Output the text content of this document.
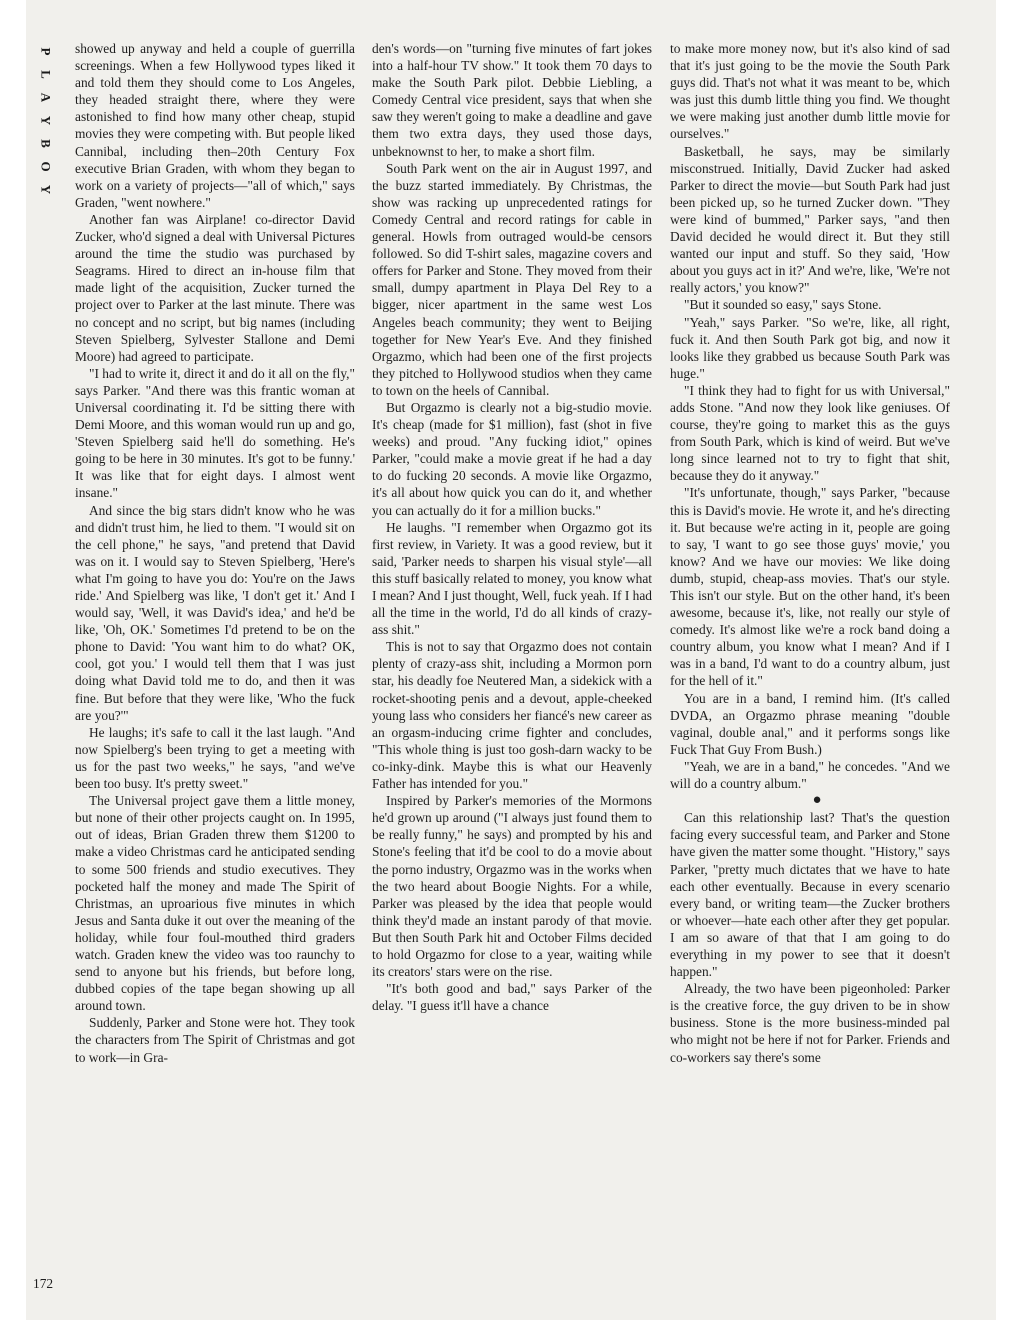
P
L
A
Y
B
O
Y

showed up anyway and held a couple of guerrilla screenings. When a few Hollywood types liked it and told them they should come to Los Angeles, they headed straight there, where they were astonished to find how many other cheap, stupid movies they were competing with. But people liked Cannibal, including then–20th Century Fox executive Brian Graden, with whom they began to work on a variety of projects—"all of which," says Graden, "went nowhere."

Another fan was Airplane! co-director David Zucker, who'd signed a deal with Universal Pictures around the time the studio was purchased by Seagrams. Hired to direct an in-house film that made light of the acquisition, Zucker turned the project over to Parker at the last minute. There was no concept and no script, but big names (including Steven Spielberg, Sylvester Stallone and Demi Moore) had agreed to participate.

"I had to write it, direct it and do it all on the fly," says Parker. "And there was this frantic woman at Universal coordinating it. I'd be sitting there with Demi Moore, and this woman would run up and go, 'Steven Spielberg said he'll do something. He's going to be here in 30 minutes. It's got to be funny.' It was like that for eight days. I almost went insane."

And since the big stars didn't know who he was and didn't trust him, he lied to them. "I would sit on the cell phone," he says, "and pretend that David was on it. I would say to Steven Spielberg, 'Here's what I'm going to have you do: You're on the Jaws ride.' And Spielberg was like, 'I don't get it.' And I would say, 'Well, it was David's idea,' and he'd be like, 'Oh, OK.' Sometimes I'd pretend to be on the phone to David: 'You want him to do what? OK, cool, got you.' I would tell them that I was just doing what David told me to do, and then it was fine. But before that they were like, 'Who the fuck are you?'"

He laughs; it's safe to call it the last laugh. "And now Spielberg's been trying to get a meeting with us for the past two weeks," he says, "and we've been too busy. It's pretty sweet."

The Universal project gave them a little money, but none of their other projects caught on. In 1995, out of ideas, Brian Graden threw them $1200 to make a video Christmas card he anticipated sending to some 500 friends and studio executives. They pocketed half the money and made The Spirit of Christmas, an uproarious five minutes in which Jesus and Santa duke it out over the meaning of the holiday, while four foul-mouthed third graders watch. Graden knew the video was too raunchy to send to anyone but his friends, but before long, dubbed copies of the tape began showing up all around town.

Suddenly, Parker and Stone were hot. They took the characters from The Spirit of Christmas and got to work—in Gra-

den's words—on "turning five minutes of fart jokes into a half-hour TV show." It took them 70 days to make the South Park pilot. Debbie Liebling, a Comedy Central vice president, says that when she saw they weren't going to make a deadline and gave them two extra days, they used those days, unbeknownst to her, to make a short film.

South Park went on the air in August 1997, and the buzz started immediately. By Christmas, the show was racking up unprecedented ratings for Comedy Central and record ratings for cable in general. Howls from outraged would-be censors followed. So did T-shirt sales, magazine covers and offers for Parker and Stone. They moved from their small, dumpy apartment in Playa Del Rey to a bigger, nicer apartment in the same west Los Angeles beach community; they went to Beijing together for New Year's Eve. And they finished Orgazmo, which had been one of the first projects they pitched to Hollywood studios when they came to town on the heels of Cannibal.

But Orgazmo is clearly not a big-studio movie. It's cheap (made for $1 million), fast (shot in five weeks) and proud. "Any fucking idiot," opines Parker, "could make a movie great if he had a day to do fucking 20 seconds. A movie like Orgazmo, it's all about how quick you can do it, and whether you can actually do it for a million bucks."

He laughs. "I remember when Orgazmo got its first review, in Variety. It was a good review, but it said, 'Parker needs to sharpen his visual style'—all this stuff basically related to money, you know what I mean? And I just thought, Well, fuck yeah. If I had all the time in the world, I'd do all kinds of crazy-ass shit."

This is not to say that Orgazmo does not contain plenty of crazy-ass shit, including a Mormon porn star, his deadly foe Neutered Man, a sidekick with a rocket-shooting penis and a devout, apple-cheeked young lass who considers her fiancé's new career as an orgasm-inducing crime fighter and concludes, "This whole thing is just too gosh-darn wacky to be co-inky-dink. Maybe this is what our Heavenly Father has intended for you."

Inspired by Parker's memories of the Mormons he'd grown up around ("I always just found them to be really funny," he says) and prompted by his and Stone's feeling that it'd be cool to do a movie about the porno industry, Orgazmo was in the works when the two heard about Boogie Nights. For a while, Parker was pleased by the idea that people would think they'd made an instant parody of that movie. But then South Park hit and October Films decided to hold Orgazmo for close to a year, waiting while its creators' stars were on the rise.

"It's both good and bad," says Parker of the delay. "I guess it'll have a chance

to make more money now, but it's also kind of sad that it's just going to be the movie the South Park guys did. That's not what it was meant to be, which was just this dumb little thing you find. We thought we were making just another dumb little movie for ourselves."

Basketball, he says, may be similarly misconstrued. Initially, David Zucker had asked Parker to direct the movie—but South Park had just been picked up, so he turned Zucker down. "They were kind of bummed," Parker says, "and then David decided he would direct it. But they still wanted our input and stuff. So they said, 'How about you guys act in it?' And we're, like, 'We're not really actors,' you know?"

"But it sounded so easy," says Stone.

"Yeah," says Parker. "So we're, like, all right, fuck it. And then South Park got big, and now it looks like they grabbed us because South Park was huge."

"I think they had to fight for us with Universal," adds Stone. "And now they look like geniuses. Of course, they're going to market this as the guys from South Park, which is kind of weird. But we've long since learned not to try to fight that shit, because they do it anyway."

"It's unfortunate, though," says Parker, "because this is David's movie. He wrote it, and he's directing it. But because we're acting in it, people are going to say, 'I want to go see those guys' movie,' you know? And we have our movies: We like doing dumb, stupid, cheap-ass movies. That's our style. This isn't our style. But on the other hand, it's been awesome, because it's, like, not really our style of comedy. It's almost like we're a rock band doing a country album, you know what I mean? And if I was in a band, I'd want to do a country album, just for the hell of it."

You are in a band, I remind him. (It's called DVDA, an Orgazmo phrase meaning "double vaginal, double anal," and it performs songs like Fuck That Guy From Bush.)

"Yeah, we are in a band," he concedes. "And we will do a country album."

●

Can this relationship last? That's the question facing every successful team, and Parker and Stone have given the matter some thought. "History," says Parker, "pretty much dictates that we have to hate each other eventually. Because in every scenario every band, or writing team—the Zucker brothers or whoever—hate each other after they get popular. I am so aware of that that I am going to do everything in my power to see that it doesn't happen."

Already, the two have been pigeonholed: Parker is the creative force, the guy driven to be in show business. Stone is the more business-minded pal who might not be here if not for Parker. Friends and co-workers say there's some

172
